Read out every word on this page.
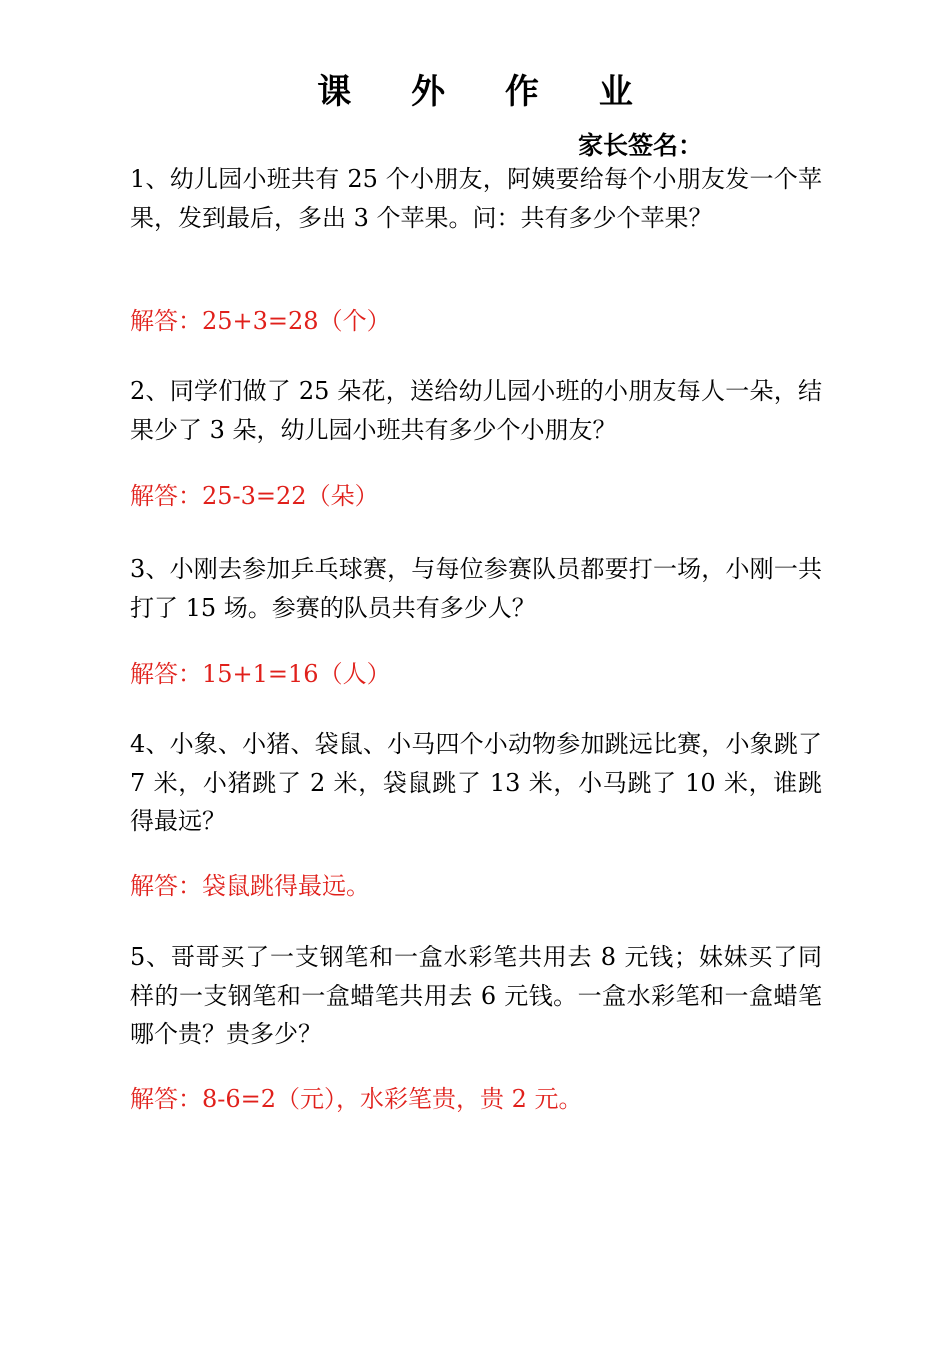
课 外 作 业
家长签名：

1、幼儿园小班共有 25 个小朋友，阿姨要给每个小朋友发一个苹果，发到最后，多出 3 个苹果。问：共有多少个苹果？

解答：25+3=28（个）

2、同学们做了 25 朵花，送给幼儿园小班的小朋友每人一朵，结果少了 3 朵，幼儿园小班共有多少个小朋友？

解答：25-3=22（朵）

3、小刚去参加乒乓球赛，与每位参赛队员都要打一场，小刚一共打了 15 场。参赛的队员共有多少人？

解答：15+1=16（人）

4、小象、小猪、袋鼠、小马四个小动物参加跳远比赛，小象跳了 7 米，小猪跳了 2 米，袋鼠跳了 13 米，小马跳了 10 米，谁跳得最远？

解答：袋鼠跳得最远。

5、哥哥买了一支钢笔和一盒水彩笔共用去 8 元钱；妹妹买了同样的一支钢笔和一盒蜡笔共用去 6 元钱。一盒水彩笔和一盒蜡笔哪个贵？贵多少？

解答：8-6=2（元），水彩笔贵，贵 2 元。
